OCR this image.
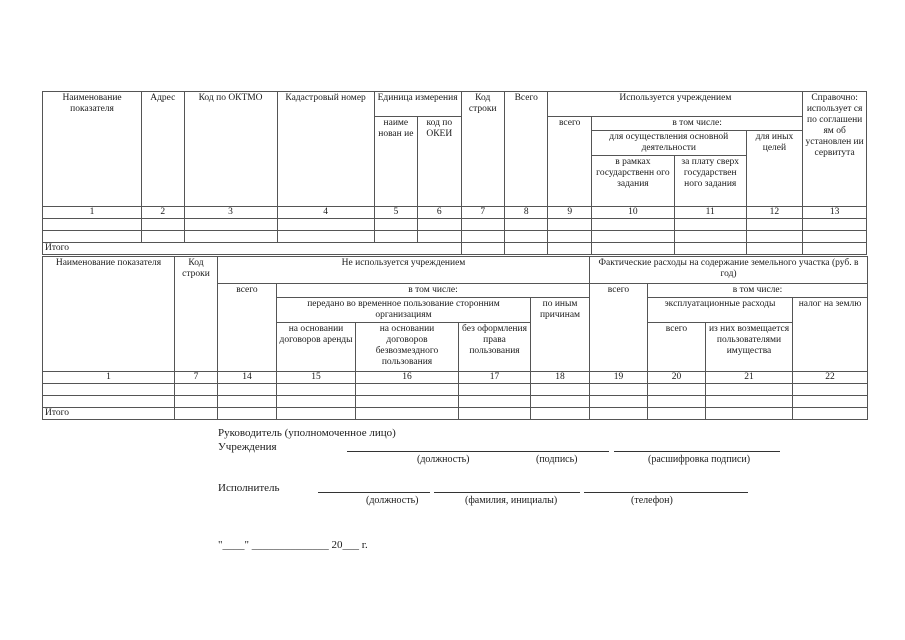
Наименование показателя	Адрес	Код по ОКТМО	Кадастровый номер	Единица измерения		Код строки	Всего	Используется учреждением				Справочно: использует ся по соглашени ям об установлен ии сервитута
				наиме нован ие	код по ОКЕИ			всего	в том числе:			
									для осуществления основной деятельности		для иных целей	
									в рамках государственн ого задания	за плату сверх государствен ного задания		
1	2	3	4	5	6	7	8	9	10	11	12	13

Итого												
Наименование показателя	Код строки	Не используется учреждением					Фактические расходы на содержание земельного участка (руб. в год)			
		всего	в том числе:				всего	в том числе:		
			передано во временное пользование сторонним организациям			по иным причинам		эксплуатационные расходы		налог на землю
			на основании договоров аренды	на основании договоров безвозмездного пользования	без оформления права пользования			всего	из них возмещается пользователями имущества	
1	7	14	15	16	17	18	19	20	21	22

Итого										
Руководитель (уполномоченное лицо)
Учреждения
(должность)	(подпись)	(расшифровка подписи)
Исполнитель
(должность)	(фамилия, инициалы)	(телефон)
"____" ______________ 20___ г.
